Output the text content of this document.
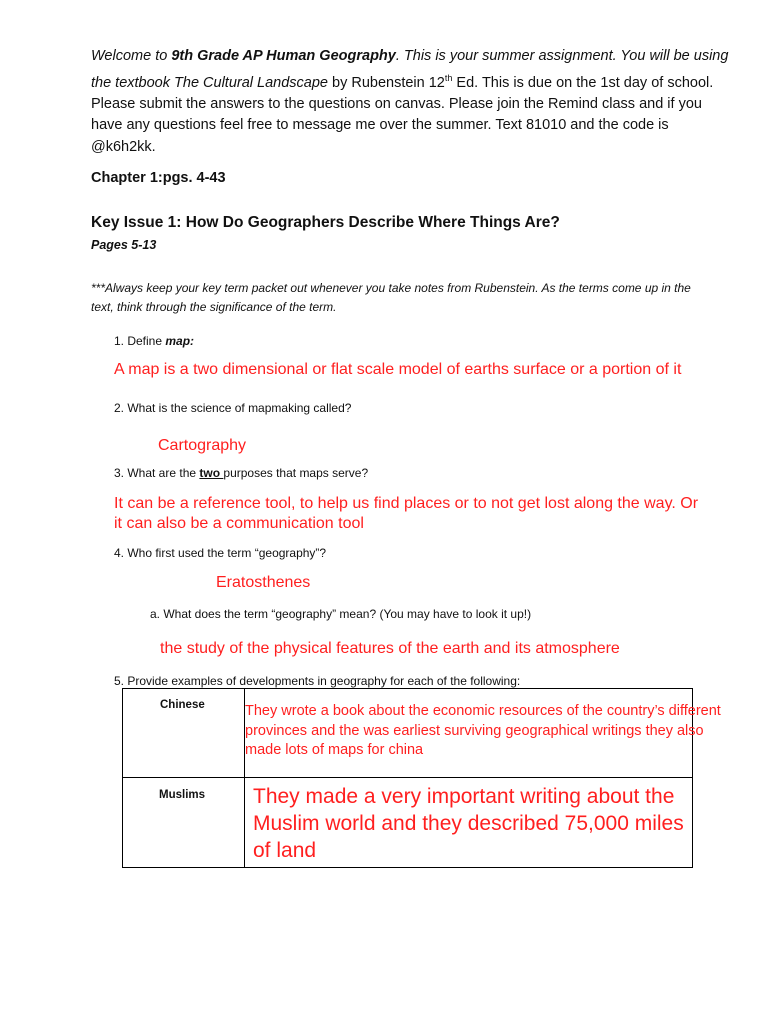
Welcome to 9th Grade AP Human Geography. This is your summer assignment. You will be using the textbook The Cultural Landscape by Rubenstein 12th Ed. This is due on the 1st day of school. Please submit the answers to the questions on canvas. Please join the Remind class and if you have any questions feel free to message me over the summer. Text 81010 and the code is @k6h2kk.
Chapter 1:pgs. 4-43
Key Issue 1: How Do Geographers Describe Where Things Are?
Pages 5-13
***Always keep your key term packet out whenever you take notes from Rubenstein. As the terms come up in the text, think through the significance of the term.
1. Define map:
A map is a two dimensional or flat scale model of earths surface or a portion of it
2. What is the science of mapmaking called?
Cartography
3. What are the two purposes that maps serve?
It can be a reference tool, to help us find places or to not get lost along the way. Or it can also be a communication tool
4. Who first used the term “geography”?
Eratosthenes
a. What does the term “geography” mean? (You may have to look it up!)
the study of the physical features of the earth and its atmosphere
5. Provide examples of developments in geography for each of the following:
Chinese	They wrote a book about the economic resources of the country’s different provinces and the was earliest surviving geographical writings they also made lots of maps for china
Muslims They made a very important writing about the Muslim world and they described 75,000 miles of land
